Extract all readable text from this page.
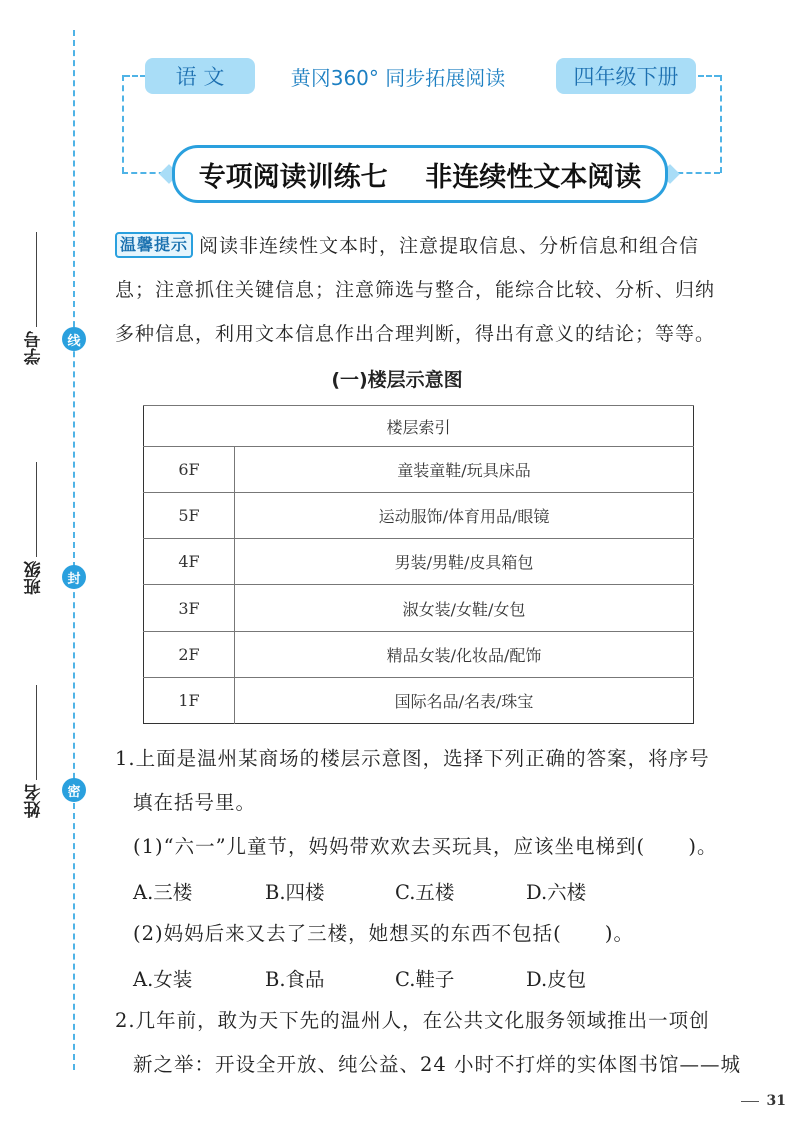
线
封
密
学号
班级
姓名
语 文	黄冈360° 同步拓展阅读	四年级下册
专项阅读训练七    非连续性文本阅读
温馨提示 阅读非连续性文本时，注意提取信息、分析信息和组合信息；注意抓住关键信息；注意筛选与整合，能综合比较、分析、归纳多种信息，利用文本信息作出合理判断，得出有意义的结论；等等。
(一)楼层示意图
楼层索引	
6F	童装童鞋/玩具床品
5F	运动服饰/体育用品/眼镜
4F	男装/男鞋/皮具箱包
3F	淑女装/女鞋/女包
2F	精品女装/化妆品/配饰
1F	国际名品/名表/珠宝
1.上面是温州某商场的楼层示意图，选择下列正确的答案，将序号
填在括号里。
(1)“六一”儿童节，妈妈带欢欢去买玩具，应该坐电梯到(      )。
A.三楼	B.四楼	C.五楼	D.六楼
(2)妈妈后来又去了三楼，她想买的东西不包括(      )。
A.女装	B.食品	C.鞋子	D.皮包
2.几年前，敢为天下先的温州人，在公共文化服务领域推出一项创
新之举：开设全开放、纯公益、24 小时不打烊的实体图书馆——城
31
